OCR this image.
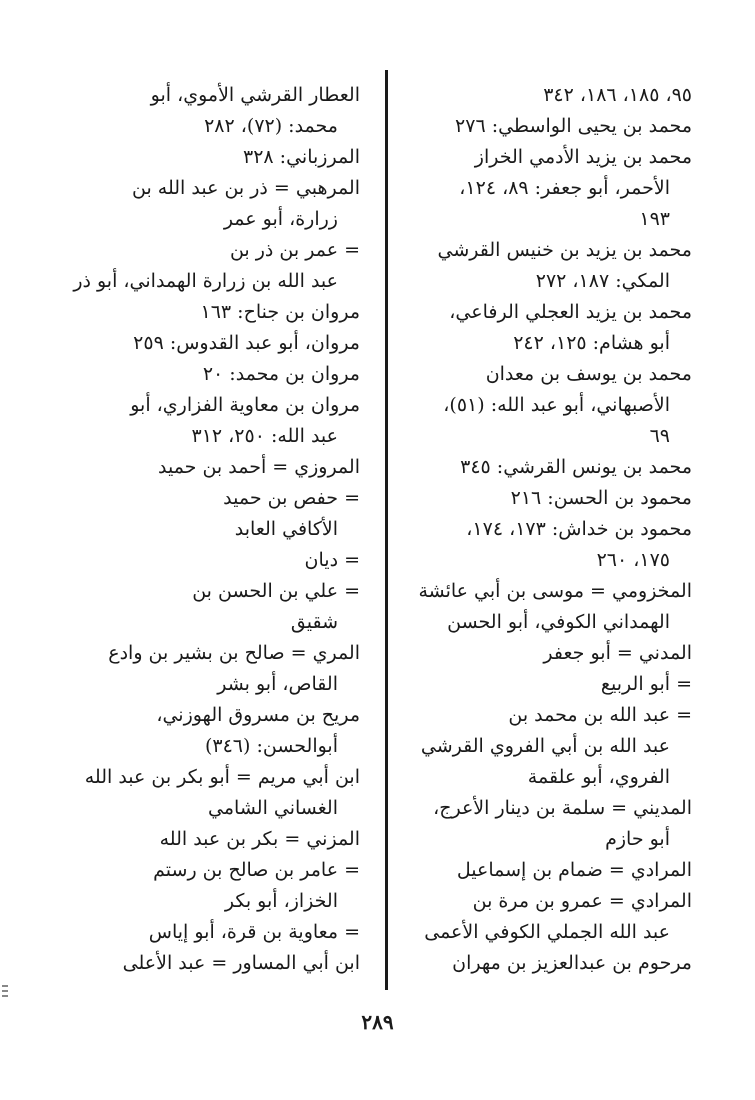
٩٥، ١٨٥، ١٨٦، ٣٤٢
محمد بن يحيى الواسطي: ٢٧٦
محمد بن يزيد الأدمي الخراز
الأحمر، أبو جعفر: ٨٩، ١٢٤،
١٩٣
محمد بن يزيد بن خنيس القرشي
المكي: ١٨٧، ٢٧٢
محمد بن يزيد العجلي الرفاعي،
أبو هشام: ١٢٥، ٢٤٢
محمد بن يوسف بن معدان
الأصبهاني، أبو عبد الله: (٥١)،
٦٩
محمد بن يونس القرشي: ٣٤٥
محمود بن الحسن: ٢١٦
محمود بن خداش: ١٧٣، ١٧٤،
١٧٥، ٢٦٠
المخزومي = موسى بن أبي عائشة
الهمداني الكوفي، أبو الحسن
المدني = أبو جعفر
= أبو الربيع
= عبد الله بن محمد بن
عبد الله بن أبي الفروي القرشي
الفروي، أبو علقمة
المديني = سلمة بن دينار الأعرج،
أبو حازم
المرادي = ضمام بن إسماعيل
المرادي = عمرو بن مرة بن
عبد الله الجملي الكوفي الأعمى
مرحوم بن عبدالعزيز بن مهران
العطار القرشي الأموي، أبو
محمد: (٧٢)، ٢٨٢
المرزباني: ٣٢٨
المرهبي = ذر بن عبد الله بن
زرارة، أبو عمر
= عمر بن ذر بن
عبد الله بن زرارة الهمداني، أبو ذر
مروان بن جناح: ١٦٣
مروان، أبو عبد القدوس: ٢٥٩
مروان بن محمد: ٢٠
مروان بن معاوية الفزاري، أبو
عبد الله: ٢٥٠، ٣١٢
المروزي = أحمد بن حميد
= حفص بن حميد
الأكافي العابد
= ديان
= علي بن الحسن بن
شقيق
المري = صالح بن بشير بن وادع
القاص، أبو بشر
مريح بن مسروق الهوزني،
أبوالحسن: (٣٤٦)
ابن أبي مريم = أبو بكر بن عبد الله
الغساني الشامي
المزني = بكر بن عبد الله
= عامر بن صالح بن رستم
الخزاز، أبو بكر
= معاوية بن قرة، أبو إياس
ابن أبي المساور = عبد الأعلى
٢٨٩
